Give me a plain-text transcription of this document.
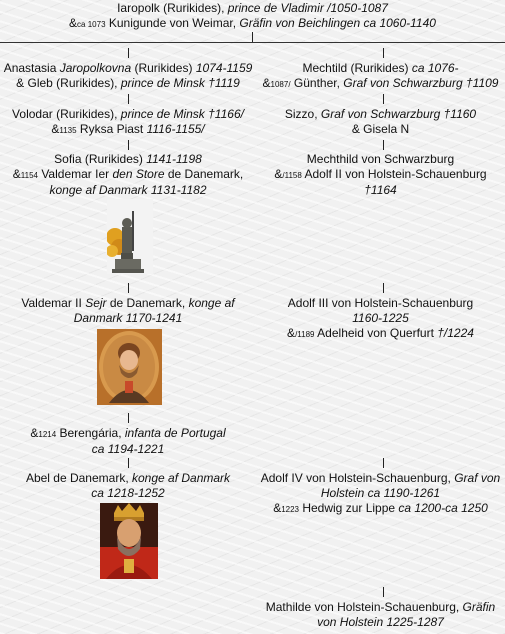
Iaropolk (Rurikides), prince de Vladimir /1050-1087
&ca 1073 Kunigunde von Weimar, Gräfin von Beichlingen ca 1060-1140
Anastasia Jaropolkovna (Rurikides) 1074-1159
& Gleb (Rurikides), prince de Minsk †1119
Volodar (Rurikides), prince de Minsk †1166/
&1135 Ryksa Piast 1116-1155/
Sofia (Rurikides) 1141-1198
&1154 Valdemar Ier den Store de Danemark,
konge af Danmark 1131-1182
Valdemar II Sejr de Danemark, konge af
Danmark 1170-1241
&1214 Berengária, infanta de Portugal
ca 1194-1221
Abel de Danemark, konge af Danmark
ca 1218-1252
Mechtild (Rurikides) ca 1076-
&1087/ Günther, Graf von Schwarzburg †1109
Sizzo, Graf von Schwarzburg †1160
& Gisela N
Mechthild von Schwarzburg
&/1158 Adolf II von Holstein-Schauenburg
†1164
Adolf III von Holstein-Schauenburg
1160-1225
&/1189 Adelheid von Querfurt †/1224
Adolf IV von Holstein-Schauenburg, Graf von
Holstein ca 1190-1261
&1223 Hedwig zur Lippe ca 1200-ca 1250
Mathilde von Holstein-Schauenburg, Gräfin
von Holstein 1225-1287
